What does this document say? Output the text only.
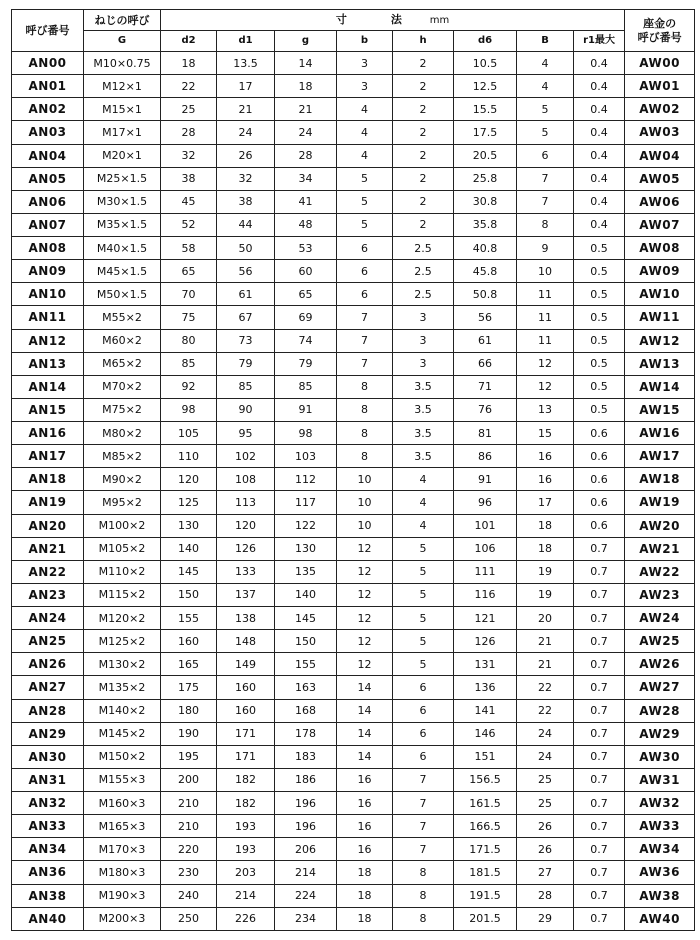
呼び番号	ねじの呼び	寸　　　　法 mm								座金の
呼び番号

	G	d2	d1	g	b	h	d6	B	r1最大	
AN00	M10×0.75	18	13.5	14	3	2	10.5	4	0.4	AW00
AN01	M12×1	22	17	18	3	2	12.5	4	0.4	AW01
AN02	M15×1	25	21	21	4	2	15.5	5	0.4	AW02
AN03	M17×1	28	24	24	4	2	17.5	5	0.4	AW03
AN04	M20×1	32	26	28	4	2	20.5	6	0.4	AW04
AN05	M25×1.5	38	32	34	5	2	25.8	7	0.4	AW05
AN06	M30×1.5	45	38	41	5	2	30.8	7	0.4	AW06
AN07	M35×1.5	52	44	48	5	2	35.8	8	0.4	AW07
AN08	M40×1.5	58	50	53	6	2.5	40.8	9	0.5	AW08
AN09	M45×1.5	65	56	60	6	2.5	45.8	10	0.5	AW09
AN10	M50×1.5	70	61	65	6	2.5	50.8	11	0.5	AW10
AN11	M55×2	75	67	69	7	3	56	11	0.5	AW11
AN12	M60×2	80	73	74	7	3	61	11	0.5	AW12
AN13	M65×2	85	79	79	7	3	66	12	0.5	AW13
AN14	M70×2	92	85	85	8	3.5	71	12	0.5	AW14
AN15	M75×2	98	90	91	8	3.5	76	13	0.5	AW15
AN16	M80×2	105	95	98	8	3.5	81	15	0.6	AW16
AN17	M85×2	110	102	103	8	3.5	86	16	0.6	AW17
AN18	M90×2	120	108	112	10	4	91	16	0.6	AW18
AN19	M95×2	125	113	117	10	4	96	17	0.6	AW19
AN20	M100×2	130	120	122	10	4	101	18	0.6	AW20
AN21	M105×2	140	126	130	12	5	106	18	0.7	AW21
AN22	M110×2	145	133	135	12	5	111	19	0.7	AW22
AN23	M115×2	150	137	140	12	5	116	19	0.7	AW23
AN24	M120×2	155	138	145	12	5	121	20	0.7	AW24
AN25	M125×2	160	148	150	12	5	126	21	0.7	AW25
AN26	M130×2	165	149	155	12	5	131	21	0.7	AW26
AN27	M135×2	175	160	163	14	6	136	22	0.7	AW27
AN28	M140×2	180	160	168	14	6	141	22	0.7	AW28
AN29	M145×2	190	171	178	14	6	146	24	0.7	AW29
AN30	M150×2	195	171	183	14	6	151	24	0.7	AW30
AN31	M155×3	200	182	186	16	7	156.5	25	0.7	AW31
AN32	M160×3	210	182	196	16	7	161.5	25	0.7	AW32
AN33	M165×3	210	193	196	16	7	166.5	26	0.7	AW33
AN34	M170×3	220	193	206	16	7	171.5	26	0.7	AW34
AN36	M180×3	230	203	214	18	8	181.5	27	0.7	AW36
AN38	M190×3	240	214	224	18	8	191.5	28	0.7	AW38
AN40	M200×3	250	226	234	18	8	201.5	29	0.7	AW40
